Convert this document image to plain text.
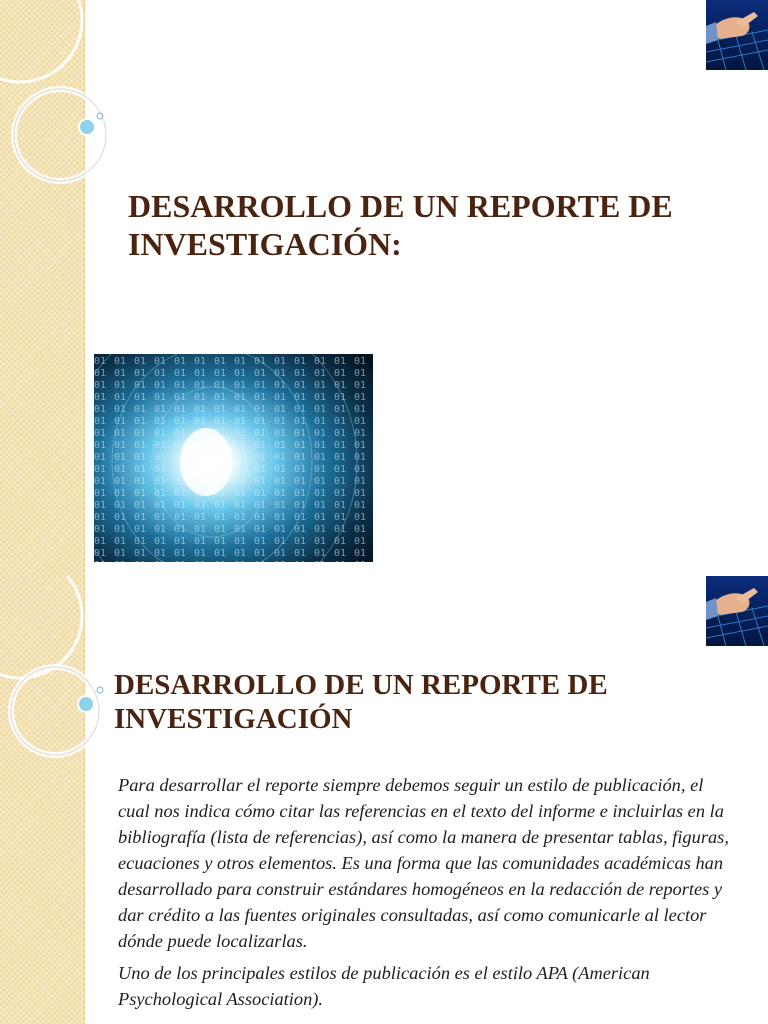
DESARROLLO DE UN REPORTE DE INVESTIGACIÓN:
DESARROLLO DE UN REPORTE DE INVESTIGACIÓN

Para desarrollar el reporte siempre debemos seguir un estilo de publicación, el cual nos indica cómo citar las referencias en el texto del informe e incluirlas en la bibliografía (lista de referencias), así como la manera de presentar tablas, figuras, ecuaciones y otros elementos. Es una forma que las comunidades académicas han desarrollado para construir estándares homogéneos en la redacción de reportes y dar crédito a las fuentes originales consultadas, así como comunicarle al lector dónde puede localizarlas.

Uno de los principales estilos de publicación es el estilo APA (American Psychological Association).
